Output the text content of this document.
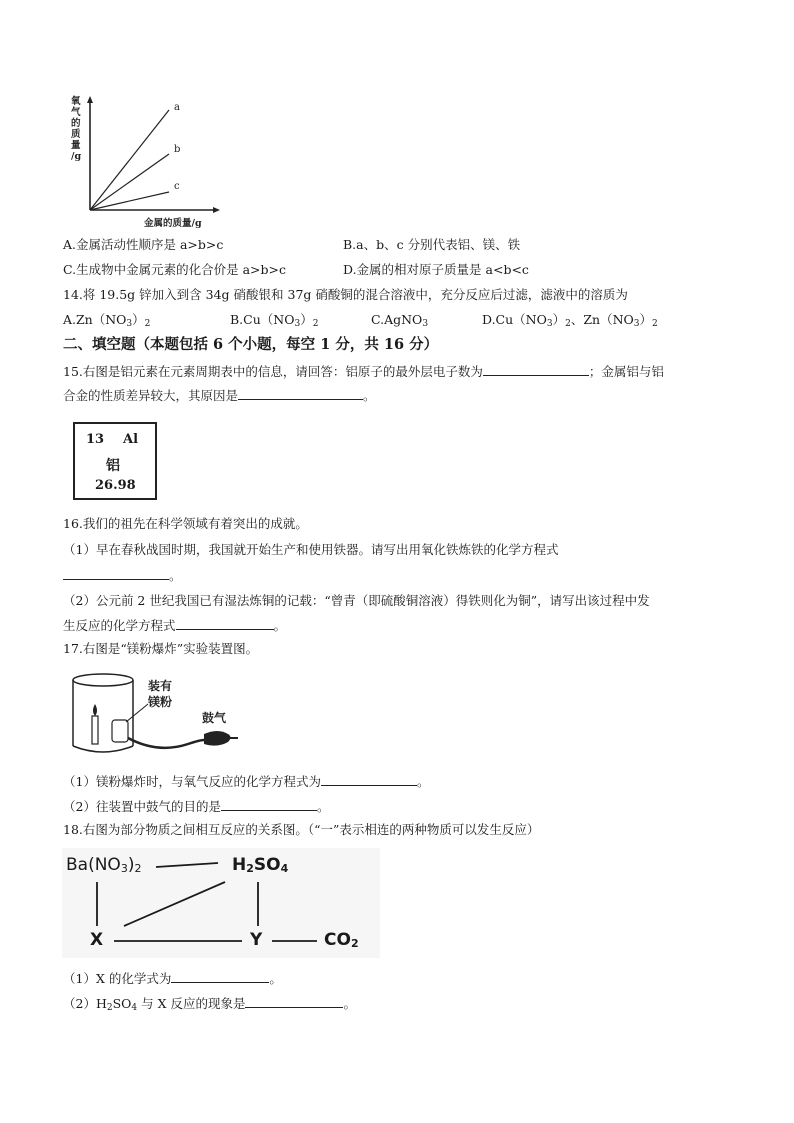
氧
气
的
质
量
/g
a
b
c
金属的质量/g
A.金属活动性顺序是 a>b>c	B.a、b、c 分别代表铝、镁、铁
C.生成物中金属元素的化合价是 a>b>c	D.金属的相对原子质量是 a<b<c
14.将 19.5g 锌加入到含 34g 硝酸银和 37g 硝酸铜的混合溶液中，充分反应后过滤，滤液中的溶质为
$A.Zn(NO_3)_2$	$B.Cu(NO_3)_2$	C.AgNO$_3$	$D.Cu(NO_3)_2$、$Zn(NO_3)_2$
二、填空题（本题包括 6 个小题，每空 1 分，共 16 分）
15.右图是铝元素在元素周期表中的信息，请回答：铝原子的最外层电子数为	；金属铝与铝
合金的性质差异较大，其原因是	。
13 Al
铝
26.98
16.我们的祖先在科学领域有着突出的成就。
（1）早在春秋战国时期，我国就开始生产和使用铁器。请写出用氧化铁炼铁的化学方程式
。
（2）公元前 2 世纪我国已有湿法炼铜的记载：“曾青（即硫酸铜溶液）得铁则化为铜”，请写出该过程中发
生反应的化学方程式	。
17.右图是“镁粉爆炸”实验装置图。
装有
镁粉
鼓气
（1）镁粉爆炸时，与氧气反应的化学方程式为	。
（2）往装置中鼓气的目的是	。
18.右图为部分物质之间相互反应的关系图。（“一”表示相连的两种物质可以发生反应）
$Ba(NO_3)_2$	$H_2SO_4$
X	Y	$CO_2$
（1）X 的化学式为	。
$(2)H_2SO_4$ 与 X 反应的现象是	。
